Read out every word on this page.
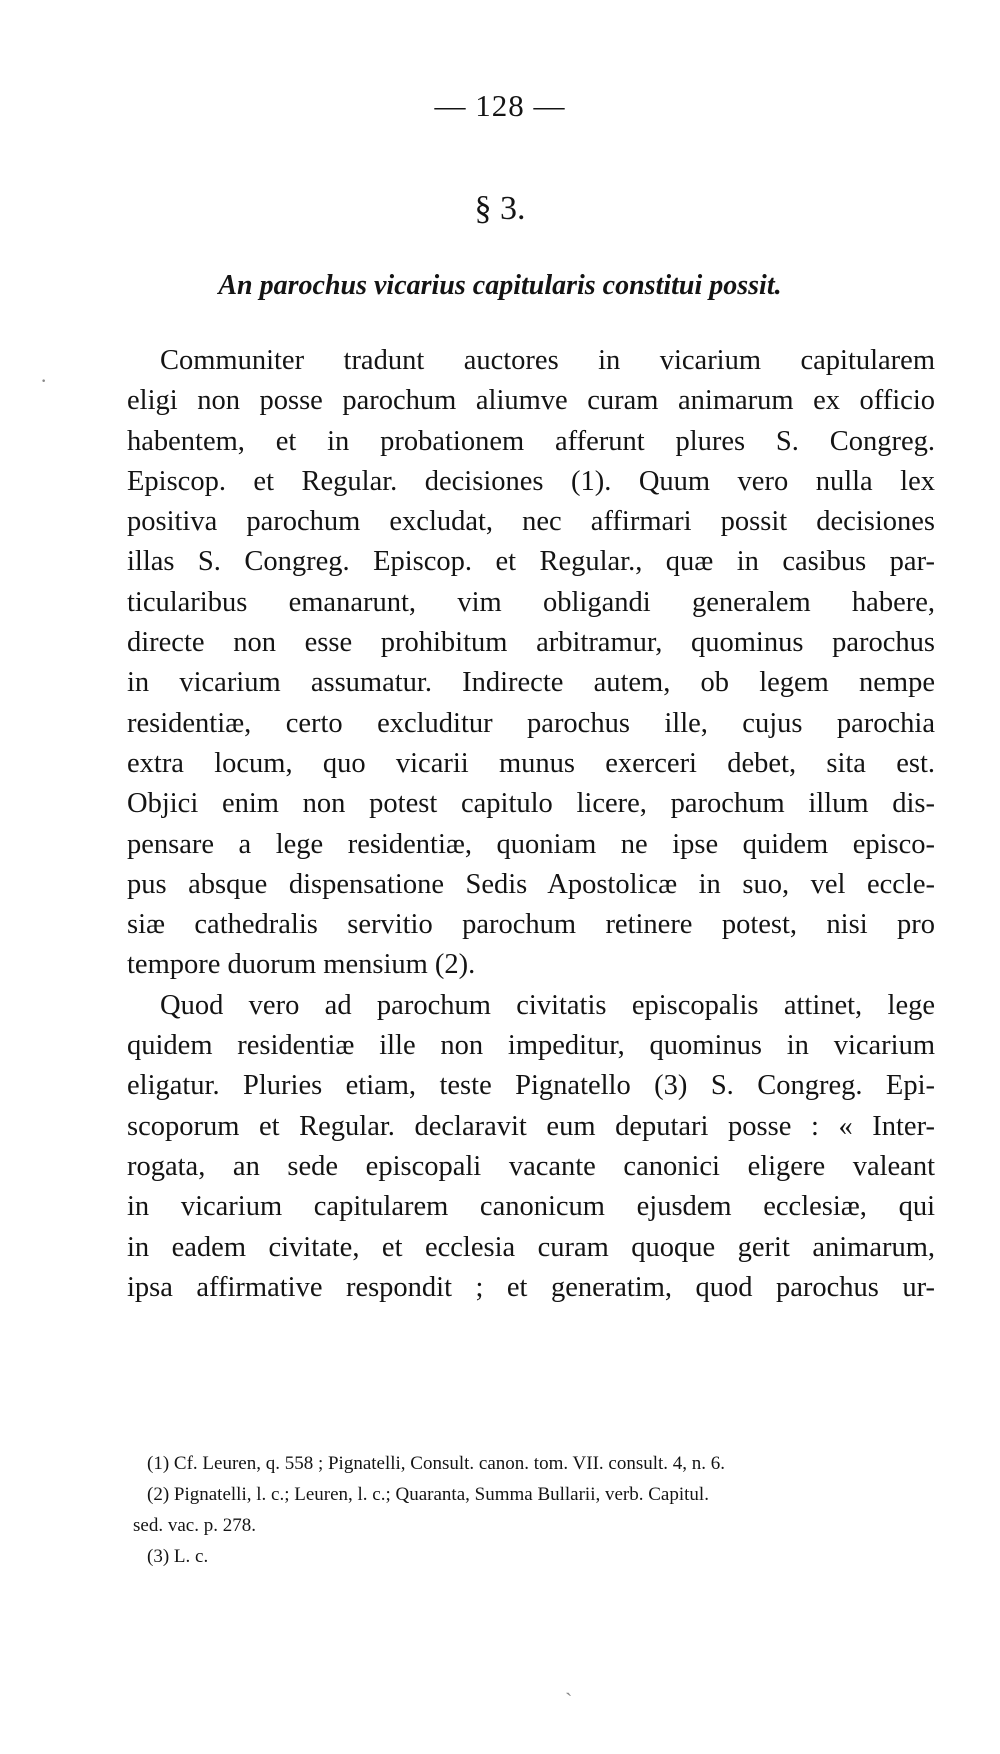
— 128 —
§ 3.
An parochus vicarius capitularis constitui possit.
Communiter tradunt auctores in vicarium capitularem
eligi non posse parochum aliumve curam animarum ex officio
habentem, et in probationem afferunt plures S. Congreg.
Episcop. et Regular. decisiones (1). Quum vero nulla lex
positiva parochum excludat, nec affirmari possit decisiones
illas S. Congreg. Episcop. et Regular., quæ in casibus par-
ticularibus emanarunt, vim obligandi generalem habere,
directe non esse prohibitum arbitramur, quominus parochus
in vicarium assumatur. Indirecte autem, ob legem nempe
residentiæ, certo excluditur parochus ille, cujus parochia
extra locum, quo vicarii munus exerceri debet, sita est.
Objici enim non potest capitulo licere, parochum illum dis-
pensare a lege residentiæ, quoniam ne ipse quidem episco-
pus absque dispensatione Sedis Apostolicæ in suo, vel eccle-
siæ cathedralis servitio parochum retinere potest, nisi pro
tempore duorum mensium (2).
Quod vero ad parochum civitatis episcopalis attinet, lege
quidem residentiæ ille non impeditur, quominus in vicarium
eligatur. Pluries etiam, teste Pignatello (3) S. Congreg. Epi-
scoporum et Regular. declaravit eum deputari posse : « Inter-
rogata, an sede episcopali vacante canonici eligere valeant
in vicarium capitularem canonicum ejusdem ecclesiæ, qui
in eadem civitate, et ecclesia curam quoque gerit animarum,
ipsa affirmative respondit ; et generatim, quod parochus ur-
(1) Cf. Leuren, q. 558 ; Pignatelli, Consult. canon. tom. VII. consult. 4, n. 6.
(2) Pignatelli, l. c.; Leuren, l. c.; Quaranta, Summa Bullarii, verb. Capitul.
sed. vac. p. 278.
(3) L. c.
·
`
